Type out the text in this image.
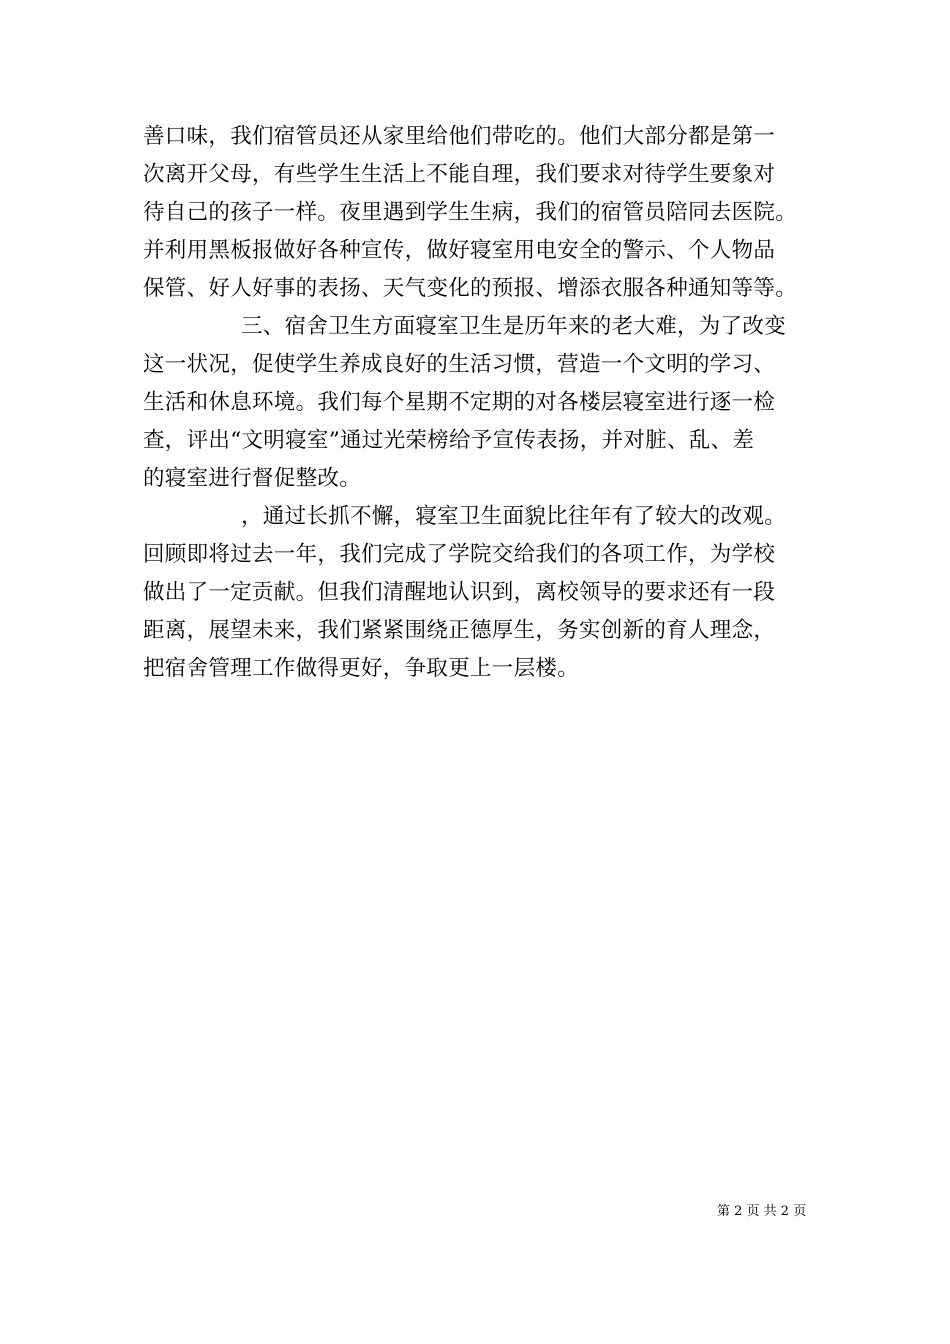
善口味，我们宿管员还从家里给他们带吃的。他们大部分都是第一
次离开父母，有些学生生活上不能自理，我们要求对待学生要象对
待自己的孩子一样。夜里遇到学生生病，我们的宿管员陪同去医院。
并利用黑板报做好各种宣传，做好寝室用电安全的警示、个人物品
保管、好人好事的表扬、天气变化的预报、增添衣服各种通知等等。
三、宿舍卫生方面寝室卫生是历年来的老大难，为了改变
这一状况，促使学生养成良好的生活习惯，营造一个文明的学习、
生活和休息环境。我们每个星期不定期的对各楼层寝室进行逐一检
查，评出“文明寝室”通过光荣榜给予宣传表扬，并对脏、乱、差
的寝室进行督促整改。
，通过长抓不懈，寝室卫生面貌比往年有了较大的改观。
回顾即将过去一年，我们完成了学院交给我们的各项工作，为学校
做出了一定贡献。但我们清醒地认识到，离校领导的要求还有一段
距离，展望未来，我们紧紧围绕正德厚生，务实创新的育人理念，
把宿舍管理工作做得更好，争取更上一层楼。
第 2 页 共 2 页
